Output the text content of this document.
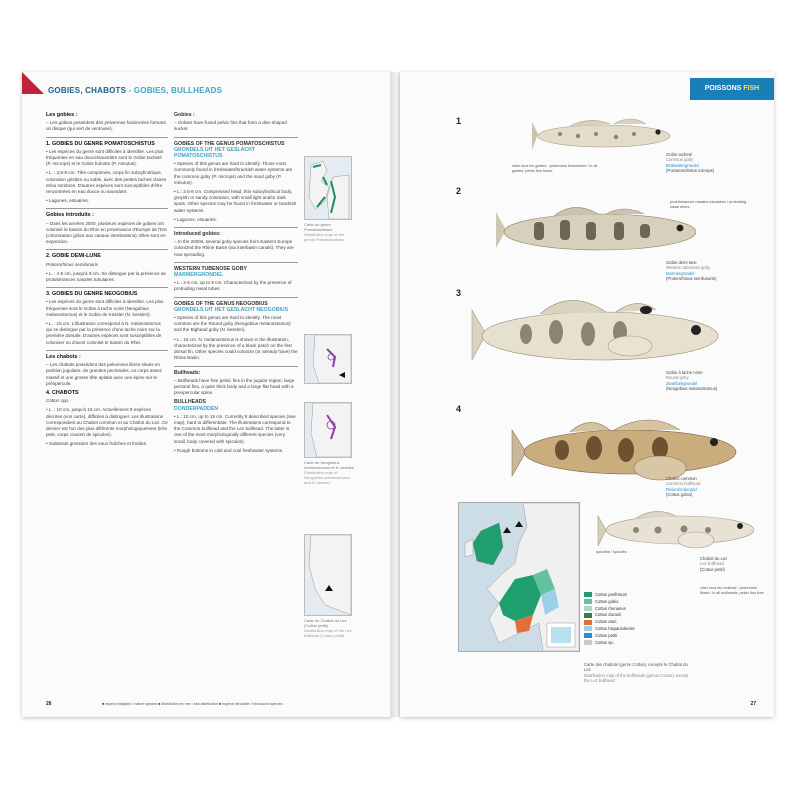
GOBIES, CHABOTS - GOBIES, BULLHEADS
Les gobies :

– Les gobies possèdent des pelvennes fusionnées formant un disque (qui sert de ventouse).

1. GOBIES DU GENRE POMATOSCHISTUS

• Les espèces du genre sont difficiles à identifier. Les plus fréquentes en eau douce/saumâtre sont le Gobie tacheté (P. microps) et le Gobie buhotte (P. minutus).

• L. : 3,5-8 cm. Tête comprimée, corps fin subcylindrique, coloration grisâtre ou sable, avec des petites taches claires et/ou sombres. D'autres espèces sont susceptibles d'être rencontrées en eau douce ou saumâtre.

• Lagunes, estuaires.

Gobies introduits :

– Dans les années 2000, plusieurs espèces de gobies ont colonisé le bassin du Rhin en provenance d'Europe de l'Est (colonisation grâce aux canaux interbassins). Elles sont en expansion.

2. GOBIE DEMI-LUNE

Proterorhinus semilunaris

• L. : 4-5 cm, jusqu'à 9 cm. Se distingue par la présence de protubérances nasales tubulaires.

3. GOBIES DU GENRE NEOGOBIUS

• Les espèces du genre sont difficiles à identifier. Les plus fréquentes sont le Gobie à tache noire (Neogobius melanostomus) et le Gobie de Kessler (N. kessleri).

• L. : 15 cm. L'illustration correspond à N. melanostomus qui se distingue par la présence d'une tache noire sur la première dorsale. D'autres espèces sont susceptibles de coloniser ou d'avoir colonisé le bassin du Rhin.

Les chabots :

– Les chabots possèdent des pelvennes libres situés en position jugulaire, de grandes pectorales, un corps assez massif et une grosse tête aplatie avec une épine sur le préopercule.

4. CHABOTS

Cottus spp.

• L. : 10 cm, jusqu'à 15 cm. Actuellement 8 espèces décrites (voir carte), difficiles à distinguer. Les illustrations correspondent au Chabot commun et au Chabot du Lez. Ce dernier est l'un des plus différents morphologiquement (très petit, corps couvert de spicules).

• Substrats grossiers des eaux fraîches et froides.

Gobies :

– Gobies have fused pelvic fins that form a disc-shaped sucker.

GOBIES OF THE GENUS POMATOSCHISTUS
GRONDELS UIT HET GESLACHT POMATOSCHISTUS

• Species of this genus are hard to identify. Those most commonly found in freshwater/brackish water systems are the common goby (P. microps) and the sand goby (P. minutus).

• L.: 3.5-8 cm. Compressed head, thin subcylindrical body, greyish or sandy coloration, with small light and/or dark spots. Other species may be found in freshwater or brackish water systems.

• Lagoons, estuaries.

Introduced gobies:

– In the 2000s, several goby species from Eastern Europe colonized the Rhine Basin (via interbasin canals). They are now spreading.

WESTERN TUBENOSE GOBY
MARMERGRONDEL

• L.: 4-5 cm, up to 9 cm. Characterized by the presence of protruding nasal tubes.

GOBIES OF THE GENUS NEOGOBIUS
GRONDELS UIT HET GESLACHT NEOGOBIUS

• Species of this genus are hard to identify. The most common are the Round goby (Neogobius melanostomus) and the Bighead goby (N. kessleri).

• L.: 15 cm. N. melanostomus is shown in the illustration, characterized by the presence of a black patch on the first dorsal fin. Other species could colonize (or already have) the Rhine Basin.

Bullheads:

– Bullheads have free pelvic fins in the jugular region, large pectoral fins, a quite thick body and a large flat head with a preopercular spine.

BULLHEADS
DONDERPADDEN

• L.: 10 cm, up to 15 cm. Currently 8 described species (see map), hard to differentiate. The illustrations correspond to the Common bullhead and the Lez bullhead. The latter is one of the most morphologically different species (very small, body covered with spicules).

• Rough bottoms in cold and cool freshwater systems.

Carte du genre Pomatoschistus
Distribution map of the genus Pomatoschistus
Carte de Neogobius melanostomus et N. kessleri
Distribution map of Neogobius melanostomus and N. kessleri
Carte du Chabot du Lez (Cottus petiti)
Distribution map of the Lez bullhead (Cottus petiti)
26	■ espèce indigène / native species ■ distribution en mer / sea distribution ■ espèce introduite / introduced species
POISSONS FISH
1
2
3
4
chez tous les gobies : pelvennes fusionnées / in all gobies: pelvic fins fused
Gobie tacheté
Common goby
Brakwatergrondel
(Pomatoschistus microps)
protubérances nasales tubulaires / protruding nasal tubes
Gobie demi-lune
Western tubenose goby
Marmergrondel
(Proterorhinus semilunaris)
Gobie à tache noire
Round goby
Zwartbekgrondel
(Neogobius melanostomus)
Chabot commun
Common bullhead
Rivierdonderpad
(Cottus gobio)
spicules / spicules
Chabot du Lez
Lez bullhead
(Cottus petiti)
chez tous les chabots : pelvennes libres / in all bullheads: pelvic fins free
Cottus perifretum
Cottus gobio
Cottus rhenanus
Cottus duranii
Cottus aturi
Cottus hispaniolensis
Cottus petiti
Cottus sp.
Carte des chabots (genre Cottus), excepté le Chabot du Lez
Distribution map of the bullheads (genus Cottus), except the Lez bullhead
27
